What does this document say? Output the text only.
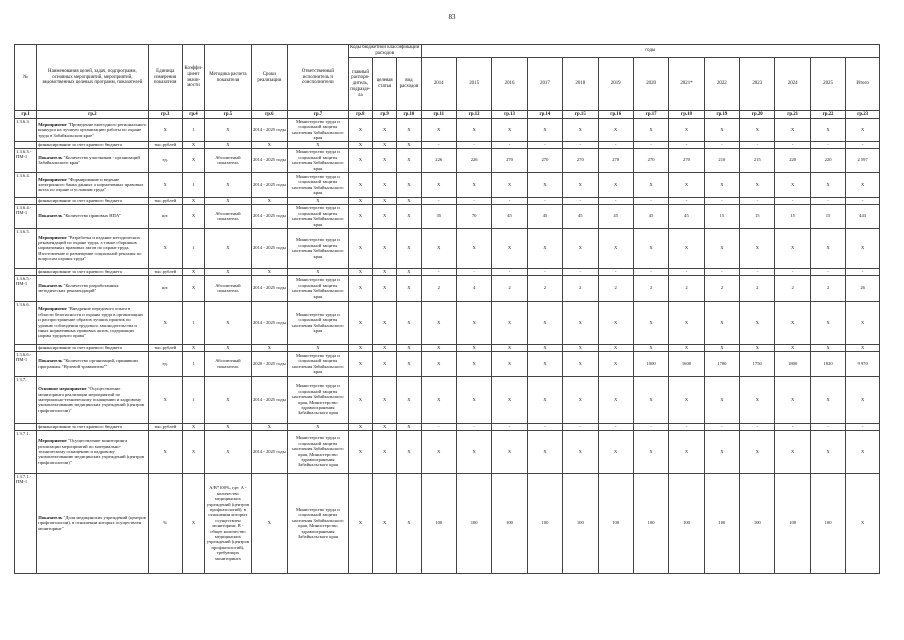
83
№	Наименования целей, задач, подпрограмм, основных мероприятий, мероприятий, ведомственных целевых программ, показателей	Единица измерения показателя	Коэффи-циент значи-мости	Методика расчета показателя	Сроки реализации	Ответственный исполнитель и соисполнители	Коды бюджетной классификации расходов			годы												
							главный распоря-дитель, подразде-ла	целевая статья	вид расходов	2014	2015	2016	2017	2018	2019	2020	2021*	2022	2023	2024	2025	Итого
гр.1	гр.2	гр.3	гр.4	гр.5	гр.6	гр.7	гр.8	гр.9	гр.10	гр.11	гр.12	гр.13	гр.14	гр.15	гр.16	гр.17	гр.18	гр.19	гр.20	гр.21	гр.22	гр.23
1.3.6.3.	Мероприятие "Проведение ежегодного регионального конкурса на лучшую организацию работы по охране труда в Забайкальском крае"	Х	1	Х	2014 - 2025 годы	Министерство труда и социальной защиты населения Забайкальского края	Х	Х	Х	Х	Х	Х	Х	Х	Х	Х	Х	Х	Х	Х	Х	Х
	финансирование за счет краевого бюджета	тыс.рублей	Х	Х	Х	Х	Х	Х	Х	-	-	-	-	-	-	-	-	-	-	-	-	-
1.3.6.3.-ПМ-1	Показатель "Количество участников - организаций Забайкальского края"	ед.	Х	Абсолютный показатель	2014 - 2025 годы	Министерство труда и социальной защиты населения Забайкальского края	Х	Х	Х	226	226	270	270	270	270	270	270	210	215	220	220	2 597
1.3.6.4.	Мероприятие "Формирование и ведение электронного банка данных о нормативных правовых актах по охране и условиям труда"	Х	1	Х	2014 - 2025 годы	Министерство труда и социальной защиты населения Забайкальского края	Х	Х	Х	Х	Х	Х	Х	Х	Х	Х	Х	Х	Х	Х	Х	Х
	финансирование за счет краевого бюджета	тыс.рублей	Х	Х	Х	Х	Х	Х	Х	-	-	-	-	-	-	-	-	-	-	-	-	-
1.3.6.4.-ПМ-1	Показатель "Количество правовых НПА"	шт.	Х	Абсолютный показатель	2014 - 2025 годы	Министерство труда и социальной защиты населения Забайкальского края	Х	Х	Х	35	70	45	45	45	45	45	45	15	15	15	15	443
1.3.6.5.	Мероприятие "Разработка и издание методических рекомендаций по охране труда, а также сборников нормативных правовых актов по охране труда. Изготовление и размещение социальной рекламы по вопросам охраны труда"	Х	1	Х	2014 - 2025 годы	Министерство труда и социальной защиты населения Забайкальского края	Х	Х	Х	Х	Х	Х	Х	Х	Х	Х	Х	Х	Х	Х	Х	Х
	финансирование за счет краевого бюджета	тыс.рублей	Х	Х	Х	Х	Х	Х	Х	-	-	-	-	-	-	-	-	-	-	-	-	-
1.3.6.5.-ПМ-1	Показатель "Количество разработанных методических рекомендаций"	шт.	Х	Абсолютный показатель	2014 - 2025 годы	Министерство труда и социальной защиты населения Забайкальского края	Х	Х	Х	2	4	2	2	2	2	2	2	2	2	2	2	26
1.3.6.6.	Мероприятие "Внедрение передового опыта в области безопасности и охраны труда в организациях и распространение образов лучших практик по уровню соблюдения трудового законодательства и иных нормативных правовых актов, содержащих нормы трудового права"	Х	1	Х	2014 - 2025 годы	Министерство труда и социальной защиты населения Забайкальского края	Х	Х	Х	Х	Х	Х	Х	Х	Х	Х	Х	Х	Х	Х	Х	Х
	финансирование за счет краевого бюджета	тыс.рублей	Х	Х	Х	Х	Х	Х	Х	Х	Х	Х	Х	Х	Х	Х	Х	Х	Х	Х	Х	Х
1.3.6.6.-ПМ-1	Показатель "Количество организаций, принявших программы "Нулевой травматизм""	ед.	1	Абсолютный показатель	2020 - 2025 годы	Министерство труда и социальной защиты населения Забайкальского края	Х	Х	Х	Х	Х	Х	Х	Х	Х	1000	1600	1700	1750	1800	1820	9 970
1.3.7.	Основное мероприятие "Осуществление мониторинга реализации мероприятий по материально-техническому оснащению и кадровому укомплектованию медицинских учреждений (центров профпатологии)"	Х	1	Х	2014 - 2025 годы	Министерство труда и социальной защиты населения Забайкальского края, Министерство здравоохранения Забайкальского края	Х	Х	Х	Х	Х	Х	Х	Х	Х	Х	Х	Х	Х	Х	Х	Х
	финансирование за счет краевого бюджета	тыс.рублей	Х	Х	Х	Х	Х	Х	Х	-	-	-	-	-	-	-	-	-	-	-	-	-
1.3.7.1.	Мероприятие "Осуществление мониторинга реализации мероприятий по материально-техническому оснащению и кадровому укомплектованию медицинских учреждений (центров профпатологии)"	Х	Х	Х	2014 - 2025 годы	Министерство труда и социальной защиты населения Забайкальского края, Министерство здравоохранения Забайкальского края	Х	Х	Х	Х	Х	Х	Х	Х	Х	Х	Х	Х	Х	Х	Х	Х
1.3.7.1.-ПМ-1	Показатель "Доля медицинских учреждений (центров профпатологии), в отношении которых осуществлен мониторинг"	%	Х	А/В*100%, где: А - количество медицинских учреждений (центров профпатологий), в отношении которых осуществлен мониторинг, В - общее количество медицинских учреждений (центров профпатологий), требующих мониторинга	Х	Министерство труда и социальной защиты населения Забайкальского края, Министерство здравоохранения Забайкальского края	Х	Х	Х	100	100	100	100	100	100	100	100	100	100	100	100	Х
